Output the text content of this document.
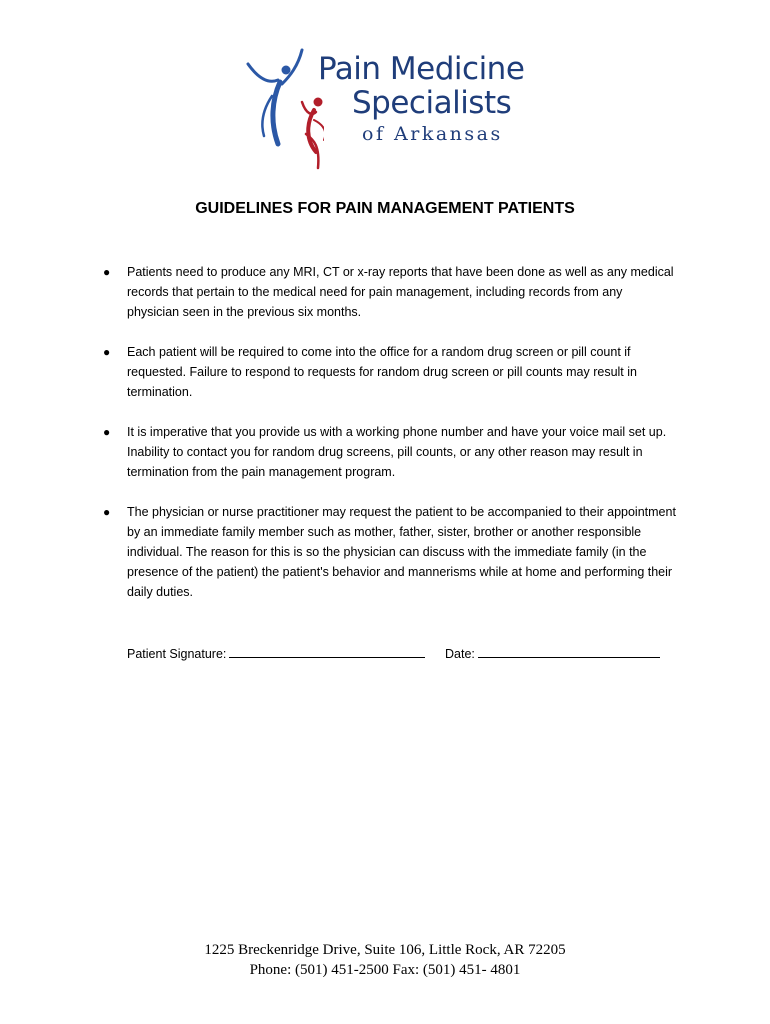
Pain Medicine
Specialists
of Arkansas
GUIDELINES FOR PAIN MANAGEMENT PATIENTS
● Patients need to produce any MRI, CT or x-ray reports that have been done as well as any medical records that pertain to the medical need for pain management, including records from any physician seen in the previous six months.
● Each patient will be required to come into the office for a random drug screen or pill count if requested. Failure to respond to requests for random drug screen or pill counts may result in termination.
● It is imperative that you provide us with a working phone number and have your voice mail set up. Inability to contact you for random drug screens, pill counts, or any other reason may result in termination from the pain management program.
● The physician or nurse practitioner may request the patient to be accompanied to their appointment by an immediate family member such as mother, father, sister, brother or another responsible individual. The reason for this is so the physician can discuss with the immediate family (in the presence of the patient) the patient's behavior and mannerisms while at home and performing their daily duties.
Patient Signature:	Date:
1225 Breckenridge Drive, Suite 106, Little Rock, AR 72205
Phone: (501) 451-2500 Fax: (501) 451- 4801
